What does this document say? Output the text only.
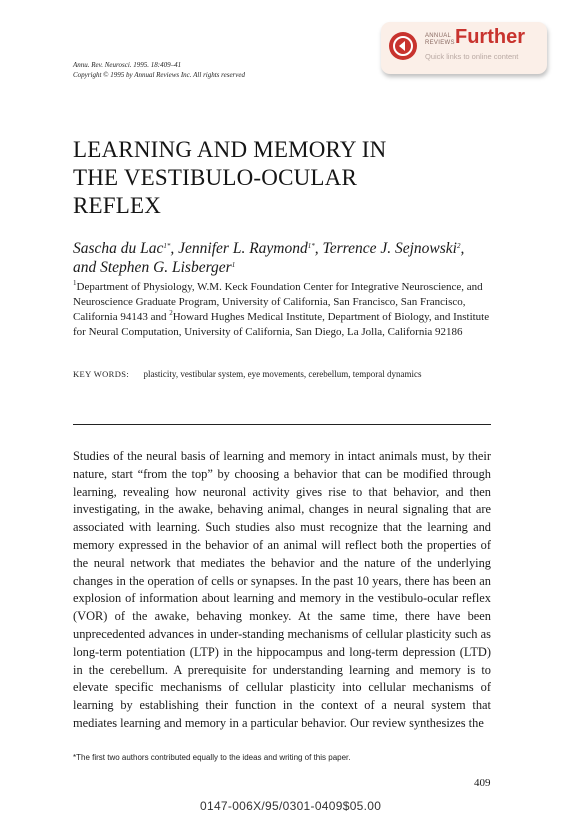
Annu. Rev. Neurosci. 1995. 18:409–41
Copyright © 1995 by Annual Reviews Inc. All rights reserved
ANNUAL
REVIEWS Further
Quick links to online content
LEARNING AND MEMORY IN
THE VESTIBULO-OCULAR
REFLEX
Sascha du Lac$^{1*}$, Jennifer L. Raymond$^{1*}$, Terrence J. Sejnowski$^2$,
and Stephen G. Lisberger$^1$
$^1$Department of Physiology, W.M. Keck Foundation Center for Integrative Neuroscience, and Neuroscience Graduate Program, University of California, San Francisco, San Francisco, California 94143 and $^2$Howard Hughes Medical Institute, Department of Biology, and Institute for Neural Computation, University of California, San Diego, La Jolla, California 92186
KEY WORDS: plasticity, vestibular system, eye movements, cerebellum, temporal dynamics
Studies of the neural basis of learning and memory in intact animals must, by their nature, start “from the top” by choosing a behavior that can be modified through learning, revealing how neuronal activity gives rise to that behavior, and then investigating, in the awake, behaving animal, changes in neural signaling that are associated with learning. Such studies also must recognize that the learning and memory expressed in the behavior of an animal will reflect both the properties of the neural network that mediates the behavior and the nature of the underlying changes in the operation of cells or synapses. In the past 10 years, there has been an explosion of information about learning and memory in the vestibulo-ocular reflex (VOR) of the awake, behaving monkey. At the same time, there have been unprecedented advances in under-standing mechanisms of cellular plasticity such as long-term potentiation (LTP) in the hippocampus and long-term depression (LTD) in the cerebellum. A prerequisite for understanding learning and memory is to elevate specific mechanisms of cellular plasticity into cellular mechanisms of learning by establishing their function in the context of a neural system that mediates learning and memory in a particular behavior. Our review synthesizes the
*The first two authors contributed equally to the ideas and writing of this paper.
409
0147-006X/95/0301-0409$05.00
